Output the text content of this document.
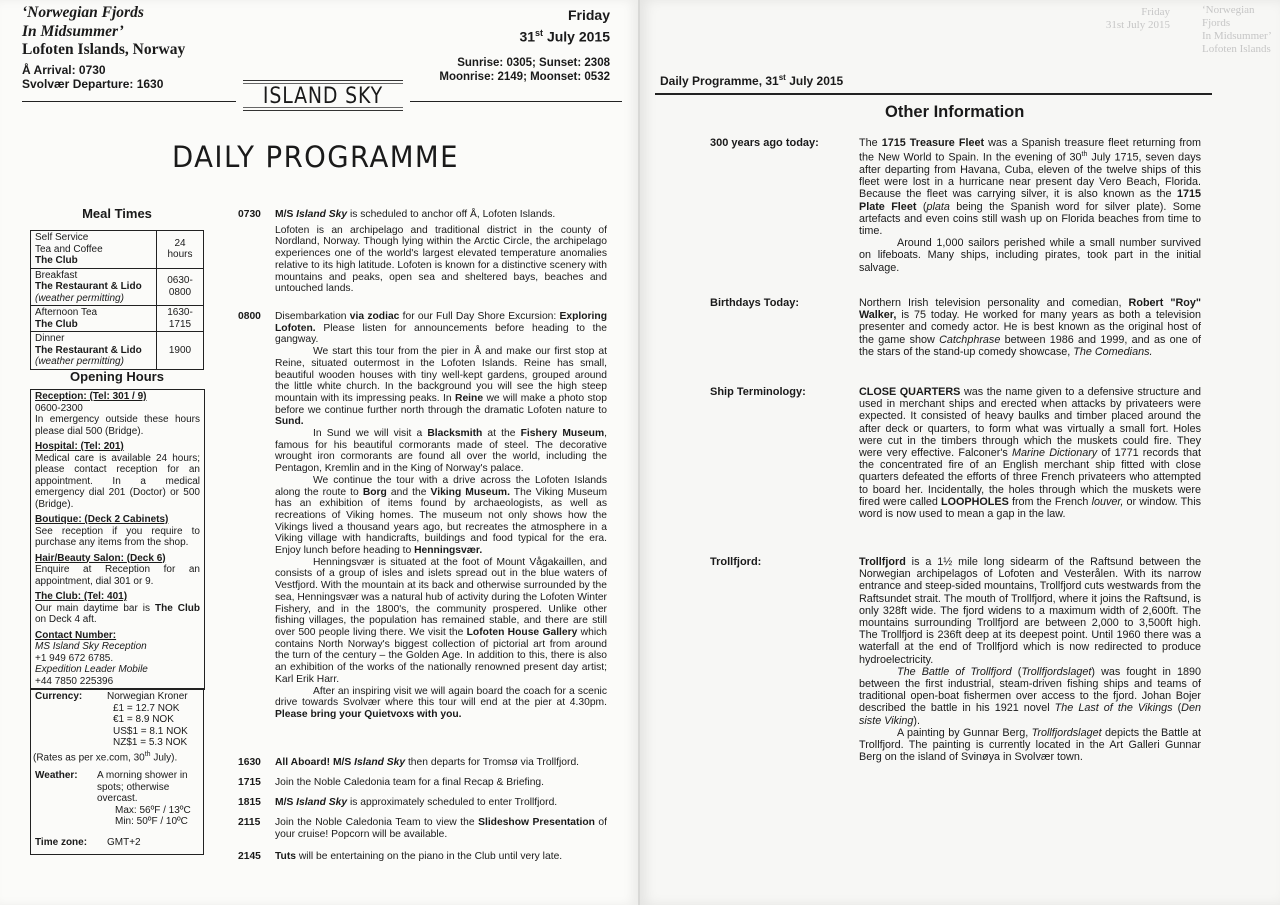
‘Norwegian Fjords
In Midsummer’
Lofoten Islands, Norway
Å Arrival: 0730
Svolvær Departure: 1630
Friday
31st July 2015
Sunrise: 0305; Sunset: 2308
Moonrise: 2149; Moonset: 0532
ISLAND SKY
DAILY PROGRAMME
Meal Times
Self Service
Tea and Coffee
The Club	24 hours

Breakfast
The Restaurant & Lido
(weather permitting)	0630-0800

Afternoon Tea
The Club	1630-1715

Dinner
The Restaurant & Lido
(weather permitting)	1900
Opening Hours
Reception: (Tel: 301 / 9)
0600-2300
In emergency outside these hours please dial 500 (Bridge).
Hospital: (Tel: 201)
Medical care is available 24 hours; please contact reception for an appointment. In a medical emergency dial 201 (Doctor) or 500 (Bridge).
Boutique: (Deck 2 Cabinets)
See reception if you require to purchase any items from the shop.
Hair/Beauty Salon: (Deck 6)
Enquire at Reception for an appointment, dial 301 or 9.
The Club: (Tel: 401)
Our main daytime bar is The Club on Deck 4 aft.
Contact Number:
MS Island Sky Reception
+1 949 672 6785.
Expedition Leader Mobile
+44 7850 225396
Currency:	Norwegian Kroner
£1 = 12.7 NOK
€1 = 8.9 NOK
US$1 = 8.1 NOK
NZ$1 = 5.3 NOK
(Rates as per xe.com, 30th July).
Weather:	A morning shower in spots; otherwise overcast.
Max: 56ºF / 13ºC
Min: 50ºF / 10ºC
Time zone:	GMT+2
0730 M/S Island Sky is scheduled to anchor off Å, Lofoten Islands.

Lofoten is an archipelago and traditional district in the county of Nordland, Norway. Though lying within the Arctic Circle, the archipelago experiences one of the world's largest elevated temperature anomalies relative to its high latitude. Lofoten is known for a distinctive scenery with mountains and peaks, open sea and sheltered bays, beaches and untouched lands.

0800 Disembarkation via zodiac for our Full Day Shore Excursion: Exploring Lofoten. Please listen for announcements before heading to the gangway.

We start this tour from the pier in Å and make our first stop at Reine, situated outermost in the Lofoten Islands. Reine has small, beautiful wooden houses with tiny well-kept gardens, grouped around the little white church. In the background you will see the high steep mountain with its impressing peaks. In Reine we will make a photo stop before we continue further north through the dramatic Lofoten nature to Sund.

In Sund we will visit a Blacksmith at the Fishery Museum, famous for his beautiful cormorants made of steel. The decorative wrought iron cormorants are found all over the world, including the Pentagon, Kremlin and in the King of Norway's palace.

We continue the tour with a drive across the Lofoten Islands along the route to Borg and the Viking Museum. The Viking Museum has an exhibition of items found by archaeologists, as well as recreations of Viking homes. The museum not only shows how the Vikings lived a thousand years ago, but recreates the atmosphere in a Viking village with handicrafts, buildings and food typical for the era. Enjoy lunch before heading to Henningsvær.

Henningsvær is situated at the foot of Mount Vågakaillen, and consists of a group of isles and islets spread out in the blue waters of Vestfjord. With the mountain at its back and otherwise surrounded by the sea, Henningsvær was a natural hub of activity during the Lofoten Winter Fishery, and in the 1800's, the community prospered. Unlike other fishing villages, the population has remained stable, and there are still over 500 people living there. We visit the Lofoten House Gallery which contains North Norway's biggest collection of pictorial art from around the turn of the century – the Golden Age. In addition to this, there is also an exhibition of the works of the nationally renowned present day artist; Karl Erik Harr.

After an inspiring visit we will again board the coach for a scenic drive towards Svolvær where this tour will end at the pier at 4.30pm. Please bring your Quietvoxs with you.

1630 All Aboard! M/S Island Sky then departs for Tromsø via Trollfjord.

1715 Join the Noble Caledonia team for a final Recap & Briefing.

1815 M/S Island Sky is approximately scheduled to enter Trollfjord.

2115 Join the Noble Caledonia Team to view the Slideshow Presentation of your cruise! Popcorn will be available.

2145 Tuts will be entertaining on the piano in the Club until very late.

‘Norwegian Fjords
In Midsummer’
Lofoten Islands
Friday
31st July 2015
Daily Programme, 31st July 2015
Other Information
300 years ago today:	The 1715 Treasure Fleet was a Spanish treasure fleet returning from the New World to Spain. In the evening of 30th July 1715, seven days after departing from Havana, Cuba, eleven of the twelve ships of this fleet were lost in a hurricane near present day Vero Beach, Florida. Because the fleet was carrying silver, it is also known as the 1715 Plate Fleet (plata being the Spanish word for silver plate). Some artefacts and even coins still wash up on Florida beaches from time to time.

Around 1,000 sailors perished while a small number survived on lifeboats. Many ships, including pirates, took part in the initial salvage.

Birthdays Today:	Northern Irish television personality and comedian, Robert "Roy" Walker, is 75 today. He worked for many years as both a television presenter and comedy actor. He is best known as the original host of the game show Catchphrase between 1986 and 1999, and as one of the stars of the stand-up comedy showcase, The Comedians.

Ship Terminology:	CLOSE QUARTERS was the name given to a defensive structure and used in merchant ships and erected when attacks by privateers were expected. It consisted of heavy baulks and timber placed around the after deck or quarters, to form what was virtually a small fort. Holes were cut in the timbers through which the muskets could fire. They were very effective. Falconer's Marine Dictionary of 1771 records that the concentrated fire of an English merchant ship fitted with close quarters defeated the efforts of three French privateers who attempted to board her. Incidentally, the holes through which the muskets were fired were called LOOPHOLES from the French louver, or window. This word is now used to mean a gap in the law.

Trollfjord:	Trollfjord is a 1½ mile long sidearm of the Raftsund between the Norwegian archipelagos of Lofoten and Vesterålen. With its narrow entrance and steep-sided mountains, Trollfjord cuts westwards from the Raftsundet strait. The mouth of Trollfjord, where it joins the Raftsund, is only 328ft wide. The fjord widens to a maximum width of 2,600ft. The mountains surrounding Trollfjord are between 2,000 to 3,500ft high. The Trollfjord is 236ft deep at its deepest point. Until 1960 there was a waterfall at the end of Trollfjord which is now redirected to produce hydroelectricity.

The Battle of Trollfjord (Trollfjordslaget) was fought in 1890 between the first industrial, steam-driven fishing ships and teams of traditional open-boat fishermen over access to the fjord. Johan Bojer described the battle in his 1921 novel The Last of the Vikings (Den siste Viking).

A painting by Gunnar Berg, Trollfjordslaget depicts the Battle at Trollfjord. The painting is currently located in the Art Galleri Gunnar Berg on the island of Svinøya in Svolvær town.
